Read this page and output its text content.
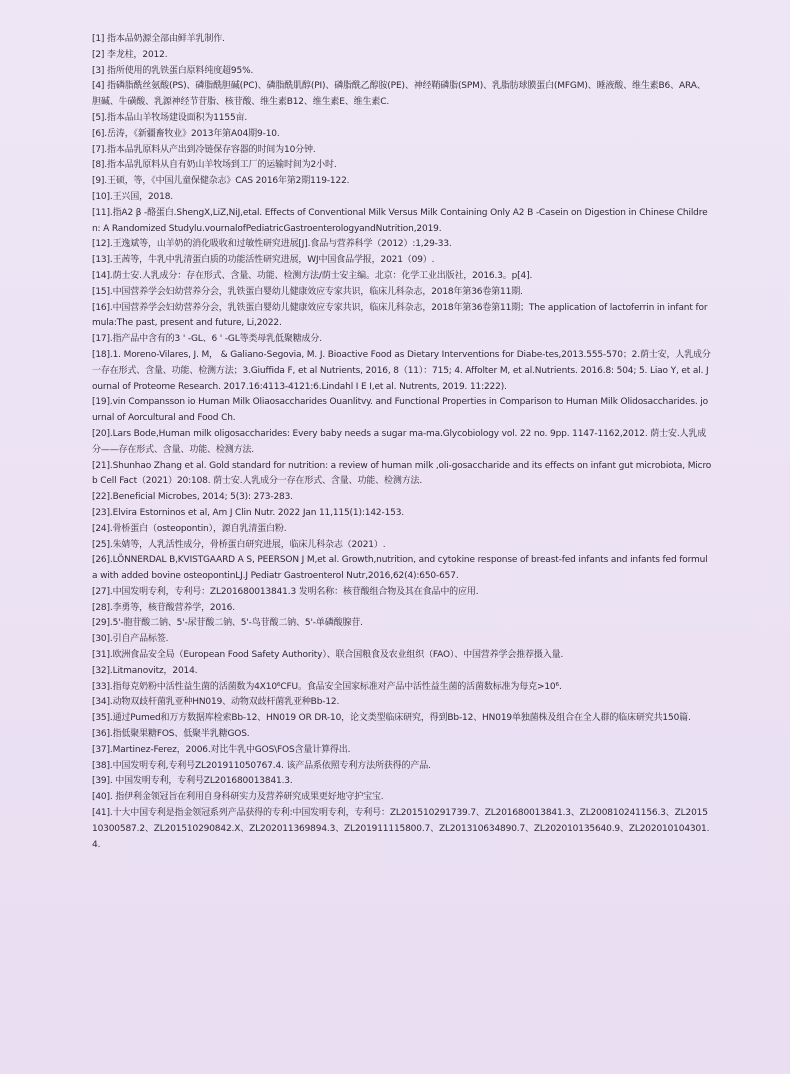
[1] 指本品奶源全部由鲜羊乳制作.

[2] 李龙柱，2012.

[3] 指所使用的乳铁蛋白原料纯度超95%.

[4] 指磷脂酰丝氨酸(PS)、磷脂酰胆碱(PC)、磷脂酰肌醇(PI)、磷脂酰乙醇胺(PE)、神经鞘磷脂(SPM)、乳脂肪球膜蛋白(MFGM)、睡液酸、维生素B6、ARA、胆碱、牛磺酸、乳源神经节苷脂、核苷酸、维生素B12、维生素E、维生素C.

[5].指本品山羊牧场建设面积为1155亩.

[6].岳涛，《新疆畜牧业》2013年第A04期9-10.

[7].指本品乳原料从产出到冷链保存容器的时间为10分钟.

[8].指本品乳原料从自有奶山羊牧场到工厂的运输时间为2小时.

[9].王硕，等，《中国儿童保健杂志》CAS 2016年第2期119-122.

[10].王兴国，2018.

[11].指A2 β -酪蛋白.ShengX,LiZ,NiJ,etal. Effects of Conventional Milk Versus Milk Containing Only A2 B -Casein on Digestion in Chinese Children: A Randomized Studylu.vournalofPediatricGastroenterologyandNutrition,2019.

[12].王逸斌等，山羊奶的消化吸收和过敏性研究进展[J].食品与营养科学（2012）:1,29-33.

[13].王茜等，牛乳中乳清蛋白质的功能活性研究进展，WJ中国食品学报，2021（09）.

[14].荫士安.人乳成分：存在形式、含量、功能、检测方法/荫士安主编。北京：化学工业出版社，2016.3。p[4].

[15].中国营养学会妇幼营养分会，乳铁蛋白婴幼儿健康效应专家共识，临床儿科杂志，2018年第36卷第11期.

[16].中国营养学会妇幼营养分会，乳铁蛋白婴幼儿健康效应专家共识，临床儿科杂志，2018年第36卷第11期；The application of lactoferrin in infant formula:The past, present and future, Li,2022.

[17].指产品中含有的3 ' -GL、6 ' -GL等类母乳低聚糖成分.

[18].1. Moreno-Vilares, J. M， & Galiano-Segovia, M. J. Bioactive Food as Dietary Interventions for Diabe-tes,2013.555-570；2.荫士安，人乳成分一存在形式、含量、功能、检测方法；3.Giuffida F, et al Nutrients, 2016, 8（11）：715; 4. Affolter M, et al.Nutrients. 2016.8: 504; 5. Liao Y, et al. Journal of Proteome Research. 2017.16:4113-4121:6.Lindahl I E I,et al. Nutrents, 2019. 11:222).

[19].vin Compansson io Human Milk Oliaosaccharides Ouanlitvy. and Functional Properties in Comparison to Human Milk Olidosaccharides. journal of Aorcultural and Food Ch.

[20].Lars Bode,Human milk oligosaccharides: Every baby needs a sugar ma-ma.Glycobiology vol. 22 no. 9pp. 1147-1162,2012. 荫士安.人乳成分——存在形式、含量、功能、检测方法.

[21].Shunhao Zhang et al. Gold standard for nutrition: a review of human milk ,oli-gosaccharide and its effects on infant gut microbiota, Microb Cell Fact（2021）20:108. 荫士安.人乳成分一存在形式、含量、功能、检测方法.

[22].Beneficial Microbes, 2014; 5(3): 273-283.

[23].Elvira Estorninos et al, Am J Clin Nutr. 2022 Jan 11,115(1):142-153.

[24].骨桥蛋白（osteopontin），源自乳清蛋白粉.

[25].朱婧等，人乳活性成分，骨桥蛋白研究进展，临床儿科杂志（2021）.

[26].LÖNNERDAL B,KVISTGAARD A S, PEERSON J M,et al. Growth,nutrition, and cytokine response of breast-fed infants and infants fed formula with added bovine osteopontinLJ.J Pediatr Gastroenterol Nutr,2016,62(4):650-657.

[27].中国发明专利，专利号：ZL201680013841.3 发明名称：核苷酸组合物及其在食品中的应用.

[28].李勇等，核苷酸营养学，2016.

[29].5'-胞苷酸二钠、5'-尿苷酸二钠、5'-鸟苷酸二钠、5'-单磷酸腺苷.

[30].引自产品标签.

[31].欧洲食品安全局（European Food Safety Authority）、联合国粮食及农业组织（FAO）、中国营养学会推荐摄入量.

[32].Litmanovitz，2014.

[33].指每克奶粉中活性益生菌的活菌数为4X10⁶CFU。食品安全国家标准对产品中活性益生菌的活菌数标准为每克>10⁶.

[34].动物双歧杆菌乳亚种HN019、动物双歧杆菌乳亚种Bb-12.

[35].通过Pumed和万方数据库检索Bb-12、HN019 OR DR-10，论文类型临床研究，得到Bb-12、HN019单独菌株及组合在全人群的临床研究共150篇.

[36].指低聚果糖FOS、低聚半乳糖GOS.

[37].Martinez-Ferez，2006.对比牛乳中GOS\FOS含量计算得出.

[38].中国发明专利,专利号ZL201911050767.4. 该产品系依照专利方法所获得的产品.

[39]. 中国发明专利，专利号ZL201680013841.3.

[40]. 指伊利金领冠旨在利用自身科研实力及营养研究成果更好地守护宝宝.

[41].十大中国专利是指金领冠系列产品获得的专利:中国发明专利，专利号：ZL201510291739.7、ZL201680013841.3、ZL200810241156.3、ZL201510300587.2、ZL201510290842.X、ZL202011369894.3、ZL201911115800.7、ZL201310634890.7、ZL202010135640.9、ZL202010104301.4.
